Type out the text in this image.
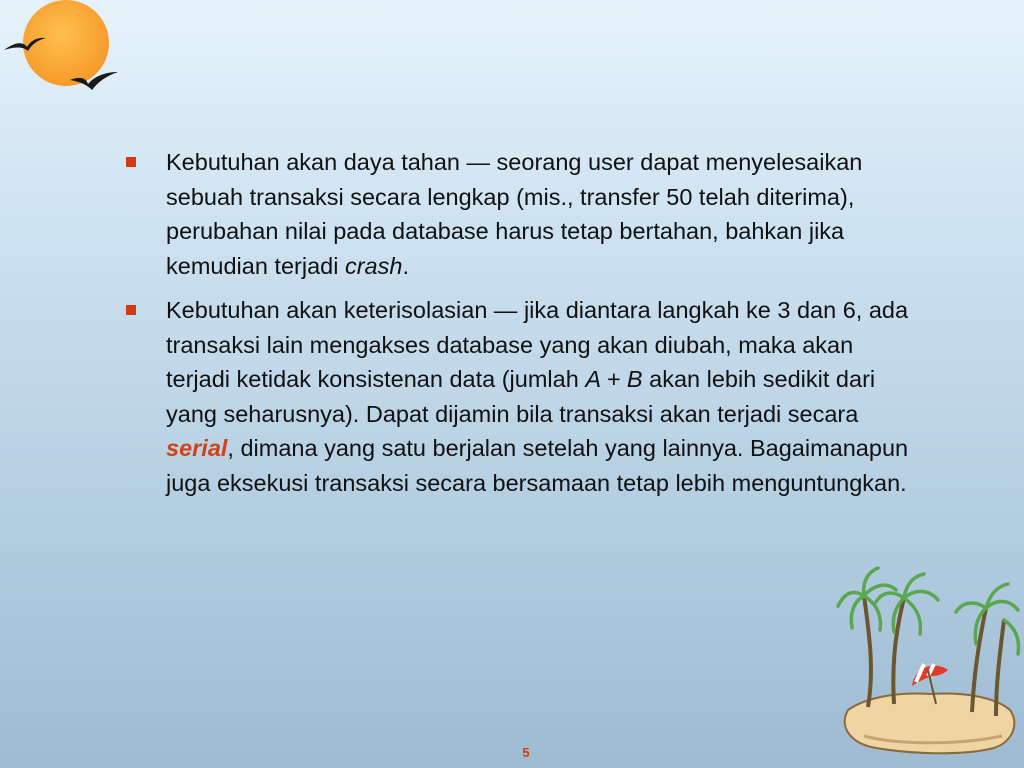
Kebutuhan akan daya tahan — seorang user dapat menyelesaikan sebuah transaksi secara lengkap (mis., transfer 50 telah diterima), perubahan nilai pada database harus tetap bertahan, bahkan jika kemudian terjadi crash.
Kebutuhan akan keterisolasian — jika diantara langkah ke 3 dan 6, ada transaksi lain mengakses database yang akan diubah, maka akan terjadi ketidak konsistenan data (jumlah A + B akan lebih sedikit dari yang seharusnya). Dapat dijamin bila transaksi akan terjadi secara serial, dimana yang satu berjalan setelah yang lainnya. Bagaimanapun juga eksekusi transaksi secara bersamaan tetap lebih menguntungkan.
5
